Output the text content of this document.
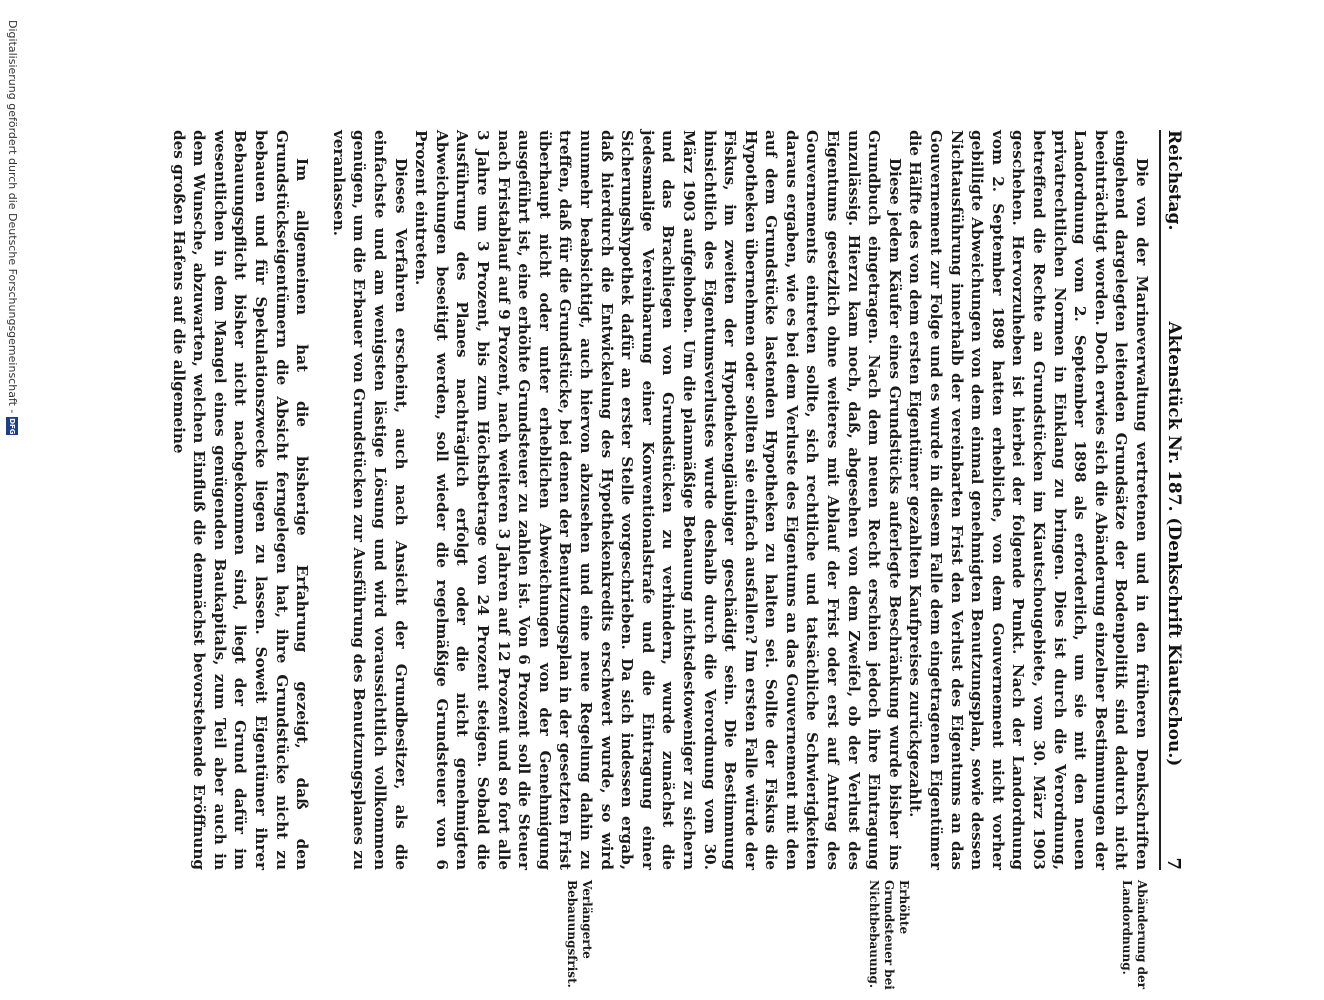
Reichstag.
Aktenstück Nr. 187. (Denkschrift Kiautschou.)
7

Die von der Marineverwaltung vertretenen und in den früheren Denkschriften eingehend dargelegten leitenden Grundsätze der Bodenpolitik sind dadurch nicht beeinträchtigt worden. Doch erwies sich die Abänderung einzelner Bestimmungen der Landordnung vom 2. September 1898 als erforderlich, um sie mit den neuen privatrechtlichen Normen in Einklang zu bringen. Dies ist durch die Verordnung, betreffend die Rechte an Grundstücken im Kiautschougebiete, vom 30. März 1903 geschehen. Hervorzuheben ist hierbei der folgende Punkt. Nach der Landordnung vom 2. September 1898 hatten erhebliche, von dem Gouvernement nicht vorher gebilligte Abweichungen von dem einmal genehmigten Benutzungsplan, sowie dessen Nichtausführung innerhalb der vereinbarten Frist den Verlust des Eigentums an das Gouvernement zur Folge und es wurde in diesem Falle dem eingetragenen Eigentümer die Hälfte des von dem ersten Eigentümer gezahlten Kaufpreises zurückgezahlt.

Diese jedem Käufer eines Grundstücks auferlegte Beschränkung wurde bisher ins Grundbuch eingetragen. Nach dem neuen Recht erschien jedoch ihre Eintragung unzulässig. Hierzu kam noch, daß, abgesehen von dem Zweifel, ob der Verlust des Eigentums gesetzlich ohne weiteres mit Ablauf der Frist oder erst auf Antrag des Gouvernements eintreten sollte, sich rechtliche und tatsächliche Schwierigkeiten daraus ergaben, wie es bei dem Verluste des Eigentums an das Gouvernement mit den auf dem Grundstücke lastenden Hypotheken zu halten sei. Sollte der Fiskus die Hypotheken übernehmen oder sollten sie einfach ausfallen? Im ersten Falle würde der Fiskus, im zweiten der Hypothekengläubiger geschädigt sein. Die Bestimmung hinsichtlich des Eigentumsverlustes wurde deshalb durch die Verordnung vom 30. März 1903 aufgehoben. Um die planmäßige Bebauung nichtsdestoweniger zu sichern und das Brachliegen von Grundstücken zu verhindern, wurde zunächst die jedesmalige Vereinbarung einer Konventionalstrafe und die Eintragung einer Sicherungshypothek dafür an erster Stelle vorgeschrieben. Da sich indessen ergab, daß hierdurch die Entwickelung des Hypothekenkredits erschwert wurde, so wird nunmehr beabsichtigt, auch hiervon abzusehen und eine neue Regelung dahin zu treffen, daß für die Grundstücke, bei denen der Benutzungsplan in der gesetzten Frist überhaupt nicht oder unter erheblichen Abweichungen von der Genehmigung ausgeführt ist, eine erhöhte Grundsteuer zu zahlen ist. Von 6 Prozent soll die Steuer nach Fristablauf auf 9 Prozent, nach weiteren 3 Jahren auf 12 Prozent und so fort alle 3 Jahre um 3 Prozent, bis zum Höchstbetrage von 24 Prozent steigen. Sobald die Ausführung des Planes nachträglich erfolgt oder die nicht genehmigten Abweichungen beseitigt werden, soll wieder die regelmäßige Grundsteuer von 6 Prozent eintreten.

Dieses Verfahren erscheint, auch nach Ansicht der Grundbesitzer, als die einfachste und am wenigsten lästige Lösung und wird voraussichtlich vollkommen genügen, um die Erbauer von Grundstücken zur Ausführung des Benutzungsplanes zu veranlassen.

Im allgemeinen hat die bisherige Erfahrung gezeigt, daß den Grundstückseigentümern die Absicht ferngelegen hat, ihre Grundstücke nicht zu bebauen und für Spekulationszwecke liegen zu lassen. Soweit Eigentümer ihrer Bebauungspflicht bisher nicht nachgekommen sind, liegt der Grund dafür im wesentlichen in dem Mangel eines genügenden Baukapitals, zum Teil aber auch in dem Wunsche, abzuwarten, welchen Einfluß die demnächst bevorstehende Eröffnung des großen Hafens auf die allgemeine

Abänderung der Landordnung.
Erhöhte Grundsteuer bei Nichtbebauung.
Verlängerte Bebauungsfrist.
Digitalisierung gefördert durch die Deutsche Forschungsgemeinschaft -
DFG
